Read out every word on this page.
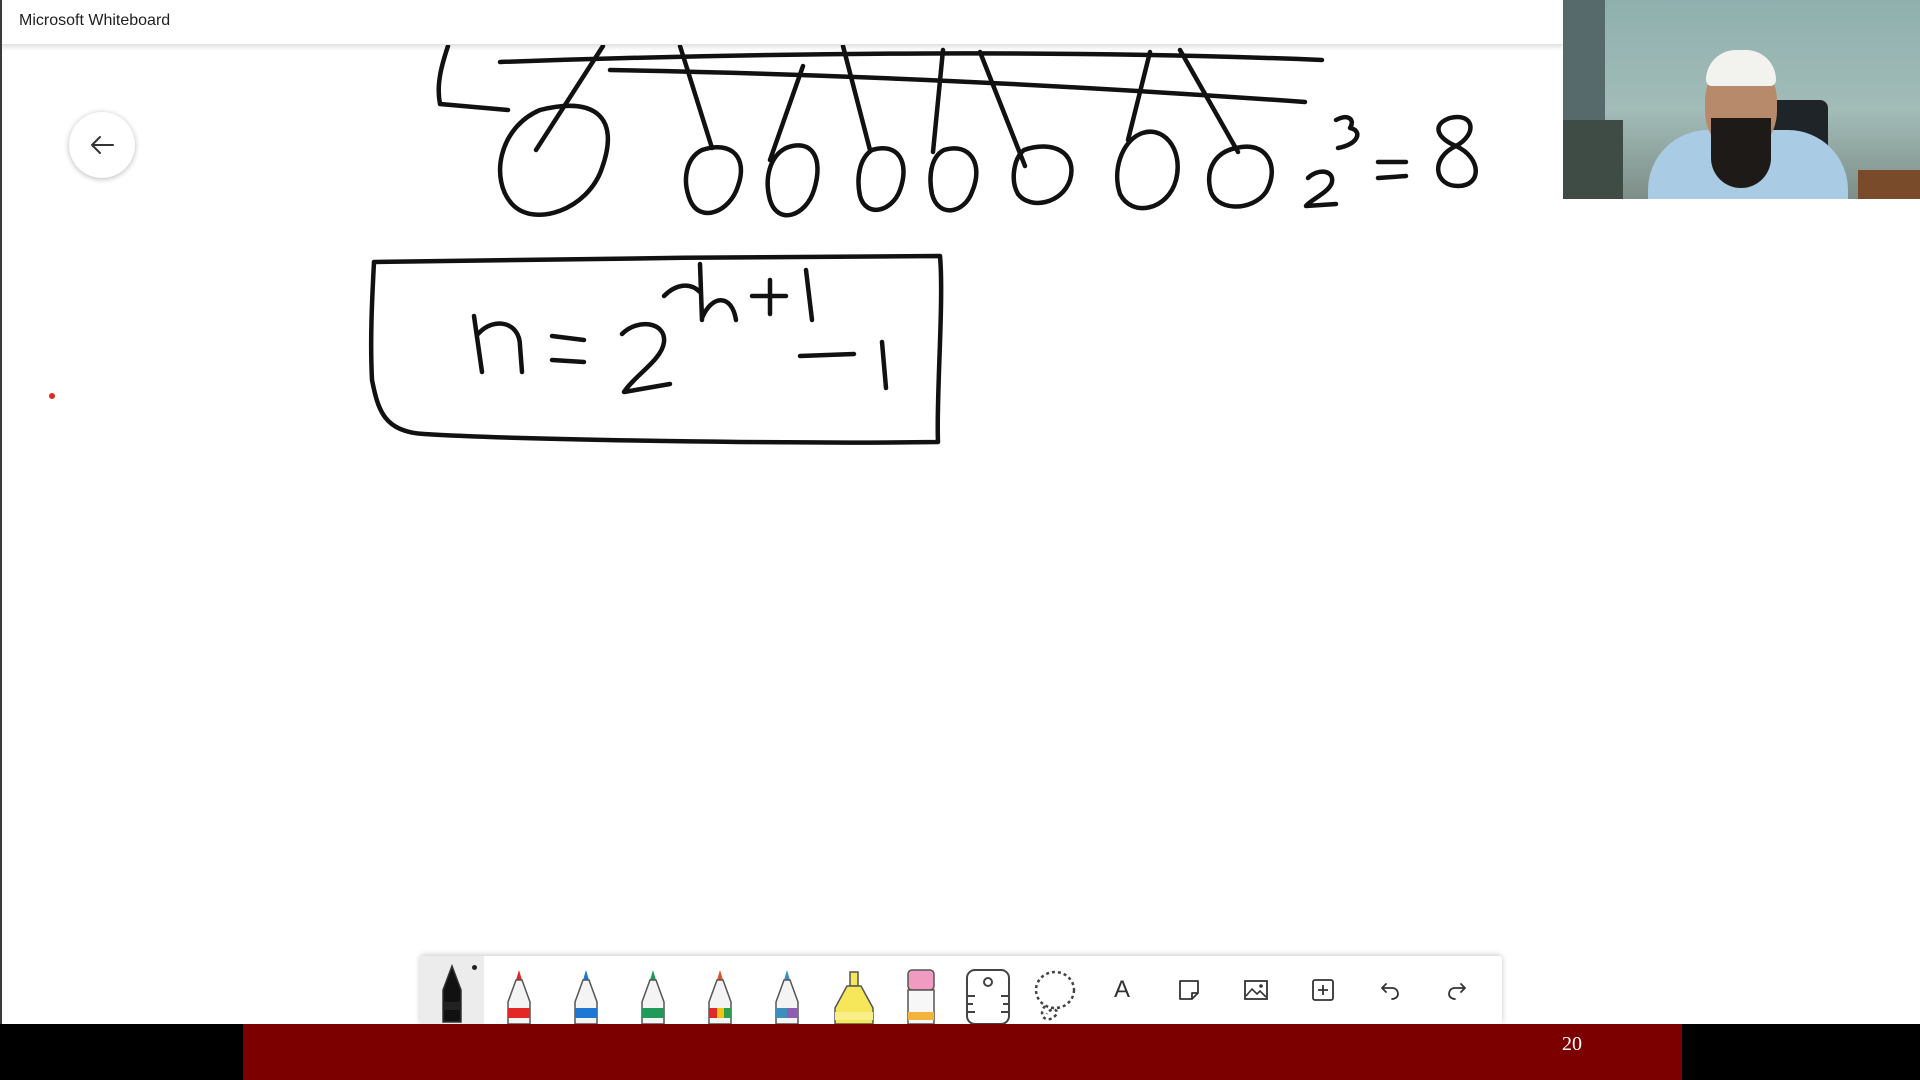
Microsoft Whiteboard
A
20
